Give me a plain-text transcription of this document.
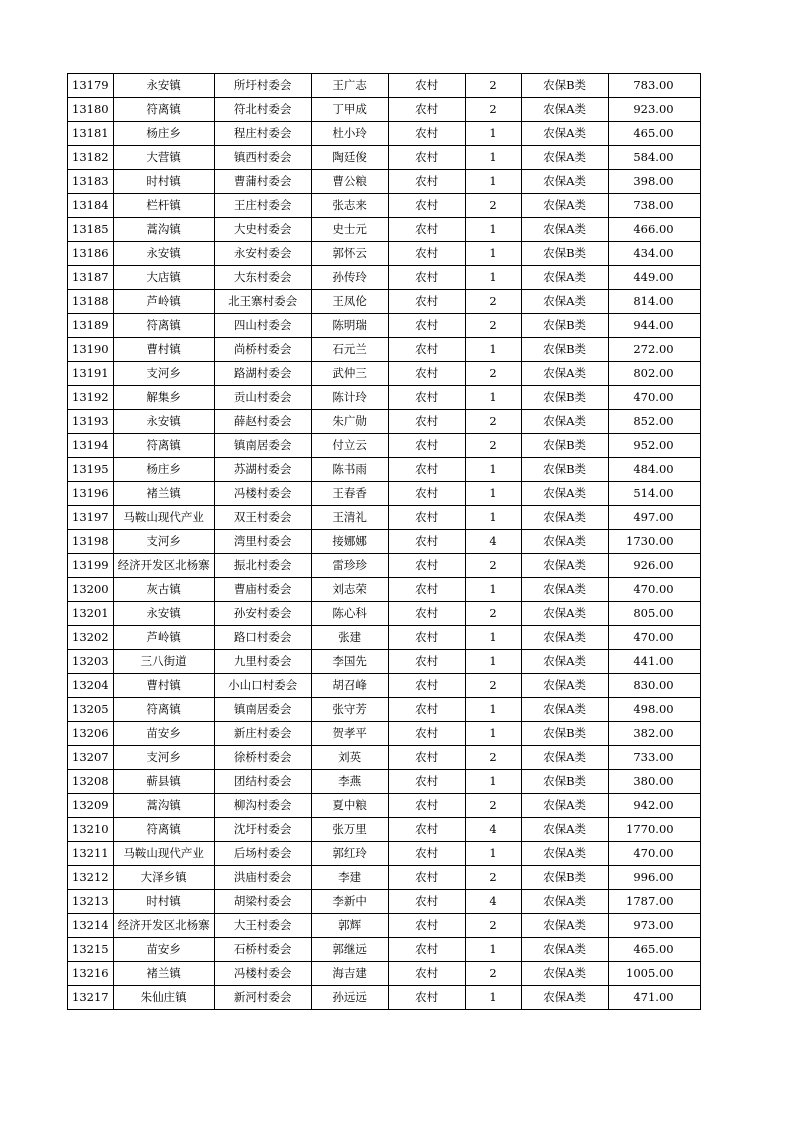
13179	永安镇	所圩村委会	王广志	农村	2	农保B类	783.00
13180	符离镇	符北村委会	丁甲成	农村	2	农保A类	923.00
13181	杨庄乡	程庄村委会	杜小玲	农村	1	农保A类	465.00
13182	大营镇	镇西村委会	陶廷俊	农村	1	农保A类	584.00
13183	时村镇	曹蒲村委会	曹公粮	农村	1	农保A类	398.00
13184	栏杆镇	王庄村委会	张志来	农村	2	农保A类	738.00
13185	蒿沟镇	大史村委会	史士元	农村	1	农保A类	466.00
13186	永安镇	永安村委会	郭怀云	农村	1	农保B类	434.00
13187	大店镇	大东村委会	孙传玲	农村	1	农保A类	449.00
13188	芦岭镇	北王寨村委会	王凤伦	农村	2	农保A类	814.00
13189	符离镇	四山村委会	陈明瑞	农村	2	农保B类	944.00
13190	曹村镇	尚桥村委会	石元兰	农村	1	农保B类	272.00
13191	支河乡	路湖村委会	武仲三	农村	2	农保A类	802.00
13192	解集乡	贡山村委会	陈计玲	农村	1	农保B类	470.00
13193	永安镇	薛赵村委会	朱广勋	农村	2	农保A类	852.00
13194	符离镇	镇南居委会	付立云	农村	2	农保B类	952.00
13195	杨庄乡	苏湖村委会	陈书雨	农村	1	农保B类	484.00
13196	褚兰镇	冯楼村委会	王春香	农村	1	农保A类	514.00
13197	马鞍山现代产业	双王村委会	王清礼	农村	1	农保A类	497.00
13198	支河乡	湾里村委会	接娜娜	农村	4	农保A类	1730.00
13199	经济开发区北杨寨	振北村委会	雷珍珍	农村	2	农保A类	926.00
13200	灰古镇	曹庙村委会	刘志荣	农村	1	农保A类	470.00
13201	永安镇	孙安村委会	陈心科	农村	2	农保A类	805.00
13202	芦岭镇	路口村委会	张建	农村	1	农保A类	470.00
13203	三八街道	九里村委会	李国先	农村	1	农保A类	441.00
13204	曹村镇	小山口村委会	胡召峰	农村	2	农保A类	830.00
13205	符离镇	镇南居委会	张守芳	农村	1	农保A类	498.00
13206	苗安乡	新庄村委会	贺孝平	农村	1	农保B类	382.00
13207	支河乡	徐桥村委会	刘英	农村	2	农保A类	733.00
13208	蕲县镇	团结村委会	李燕	农村	1	农保B类	380.00
13209	蒿沟镇	柳沟村委会	夏中粮	农村	2	农保A类	942.00
13210	符离镇	沈圩村委会	张万里	农村	4	农保A类	1770.00
13211	马鞍山现代产业	后场村委会	郭红玲	农村	1	农保A类	470.00
13212	大泽乡镇	洪庙村委会	李建	农村	2	农保B类	996.00
13213	时村镇	胡梁村委会	李新中	农村	4	农保A类	1787.00
13214	经济开发区北杨寨	大王村委会	郭辉	农村	2	农保A类	973.00
13215	苗安乡	石桥村委会	郭继远	农村	1	农保A类	465.00
13216	褚兰镇	冯楼村委会	海吉建	农村	2	农保A类	1005.00
13217	朱仙庄镇	新河村委会	孙远远	农村	1	农保A类	471.00
